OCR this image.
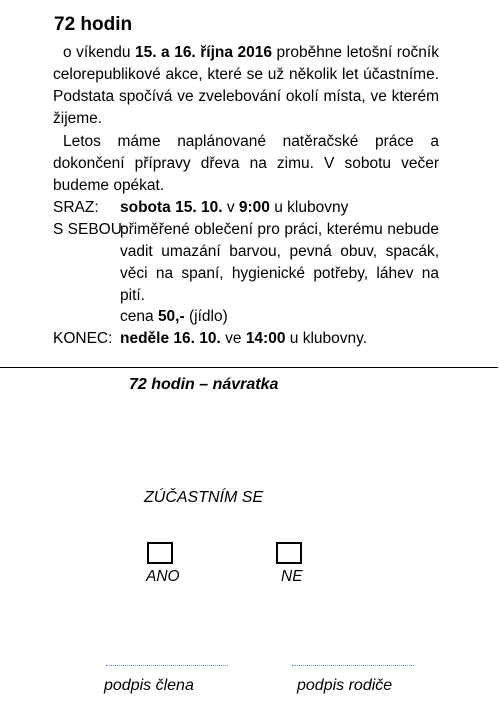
72 hodin
o víkendu 15. a 16. října 2016 proběhne letošní ročník celorepublikové akce, které se už několik let účastníme. Podstata spočívá ve zvelebování okolí místa, ve kterém žijeme.
Letos máme naplánované natěračské práce a dokončení přípravy dřeva na zimu. V sobotu večer budeme opékat.
SRAZ:	sobota 15. 10. v 9:00 u klubovny
S SEBOU:
přiměřené oblečení pro práci, kterému nebude vadit umazání barvou, pevná obuv, spacák, věci na spaní, hygienické potřeby, láhev na pití.
cena 50,- (jídlo)
KONEC: neděle 16. 10. ve 14:00 u klubovny.
72 hodin – návratka
ZÚČASTNÍM SE
ANO	NE
podpis člena	podpis rodiče
